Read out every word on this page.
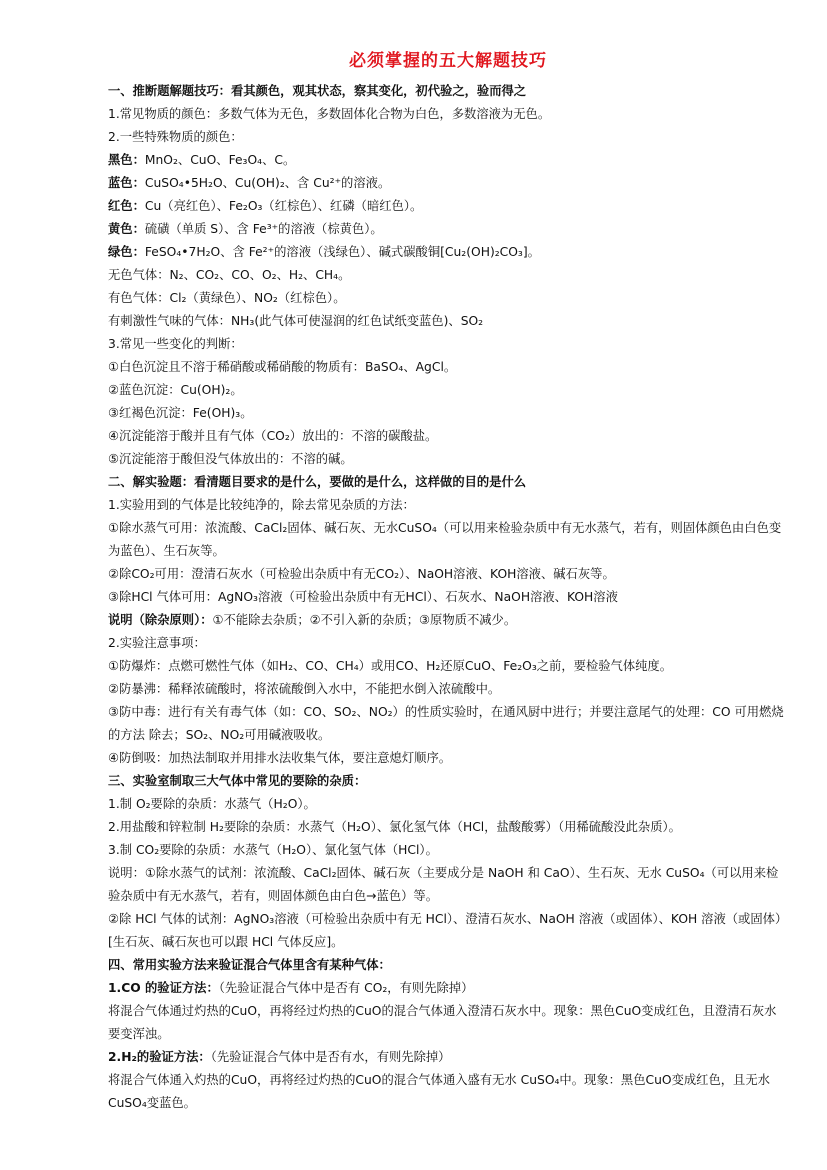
必须掌握的五大解题技巧
一、推断题解题技巧：看其颜色，观其状态，察其变化，初代验之，验而得之
1.常见物质的颜色：多数气体为无色，多数固体化合物为白色，多数溶液为无色。
2.一些特殊物质的颜色：
黑色：MnO₂、CuO、Fe₃O₄、C。
蓝色：CuSO₄•5H₂O、Cu(OH)₂、含 Cu²⁺的溶液。
红色：Cu（亮红色）、Fe₂O₃（红棕色）、红磷（暗红色）。
黄色：硫磺（单质 S）、含 Fe³⁺的溶液（棕黄色）。
绿色：FeSO₄•7H₂O、含 Fe²⁺的溶液（浅绿色）、碱式碳酸铜[Cu₂(OH)₂CO₃]。
无色气体：N₂、CO₂、CO、O₂、H₂、CH₄。
有色气体：Cl₂（黄绿色）、NO₂（红棕色）。
有刺激性气味的气体：NH₃(此气体可使湿润的红色试纸变蓝色)、SO₂
3.常见一些变化的判断：
①白色沉淀且不溶于稀硝酸或稀硝酸的物质有：BaSO₄、AgCl。
②蓝色沉淀：Cu(OH)₂。
③红褐色沉淀：Fe(OH)₃。
④沉淀能溶于酸并且有气体（CO₂）放出的：不溶的碳酸盐。
⑤沉淀能溶于酸但没气体放出的：不溶的碱。
二、解实验题：看清题目要求的是什么，要做的是什么，这样做的目的是什么
1.实验用到的气体是比较纯净的，除去常见杂质的方法：
①除水蒸气可用：浓流酸、CaCl₂固体、碱石灰、无水CuSO₄（可以用来检验杂质中有无水蒸气，若有，则固体颜色由白色变为蓝色）、生石灰等。
②除CO₂可用：澄清石灰水（可检验出杂质中有无CO₂）、NaOH溶液、KOH溶液、碱石灰等。
③除HCl 气体可用：AgNO₃溶液（可检验出杂质中有无HCl）、石灰水、NaOH溶液、KOH溶液
说明（除杂原则）：①不能除去杂质；②不引入新的杂质；③原物质不减少。
2.实验注意事项：
①防爆炸：点燃可燃性气体（如H₂、CO、CH₄）或用CO、H₂还原CuO、Fe₂O₃之前，要检验气体纯度。
②防暴沸：稀释浓硫酸时，将浓硫酸倒入水中，不能把水倒入浓硫酸中。
③防中毒：进行有关有毒气体（如：CO、SO₂、NO₂）的性质实验时，在通风厨中进行；并要注意尾气的处理：CO 可用燃烧的方法 除去；SO₂、NO₂可用碱液吸收。
④防倒吸：加热法制取并用排水法收集气体，要注意熄灯顺序。
三、实验室制取三大气体中常见的要除的杂质：
1.制 O₂要除的杂质：水蒸气（H₂O）。
2.用盐酸和锌粒制 H₂要除的杂质：水蒸气（H₂O）、氯化氢气体（HCl，盐酸酸雾）（用稀硫酸没此杂质）。
3.制 CO₂要除的杂质：水蒸气（H₂O）、氯化氢气体（HCl）。
说明：①除水蒸气的试剂：浓流酸、CaCl₂固体、碱石灰（主要成分是 NaOH 和 CaO）、生石灰、无水 CuSO₄（可以用来检验杂质中有无水蒸气，若有，则固体颜色由白色→蓝色）等。
②除 HCl 气体的试剂：AgNO₃溶液（可检验出杂质中有无 HCl）、澄清石灰水、NaOH 溶液（或固体）、KOH 溶液（或固体）[生石灰、碱石灰也可以跟 HCl 气体反应]。
四、常用实验方法来验证混合气体里含有某种气体：
1.CO 的验证方法：（先验证混合气体中是否有 CO₂，有则先除掉）
将混合气体通过灼热的CuO，再将经过灼热的CuO的混合气体通入澄清石灰水中。现象：黑色CuO变成红色，且澄清石灰水要变浑浊。
2.H₂的验证方法：（先验证混合气体中是否有水，有则先除掉）
将混合气体通入灼热的CuO，再将经过灼热的CuO的混合气体通入盛有无水 CuSO₄中。现象：黑色CuO变成红色，且无水 CuSO₄变蓝色。
